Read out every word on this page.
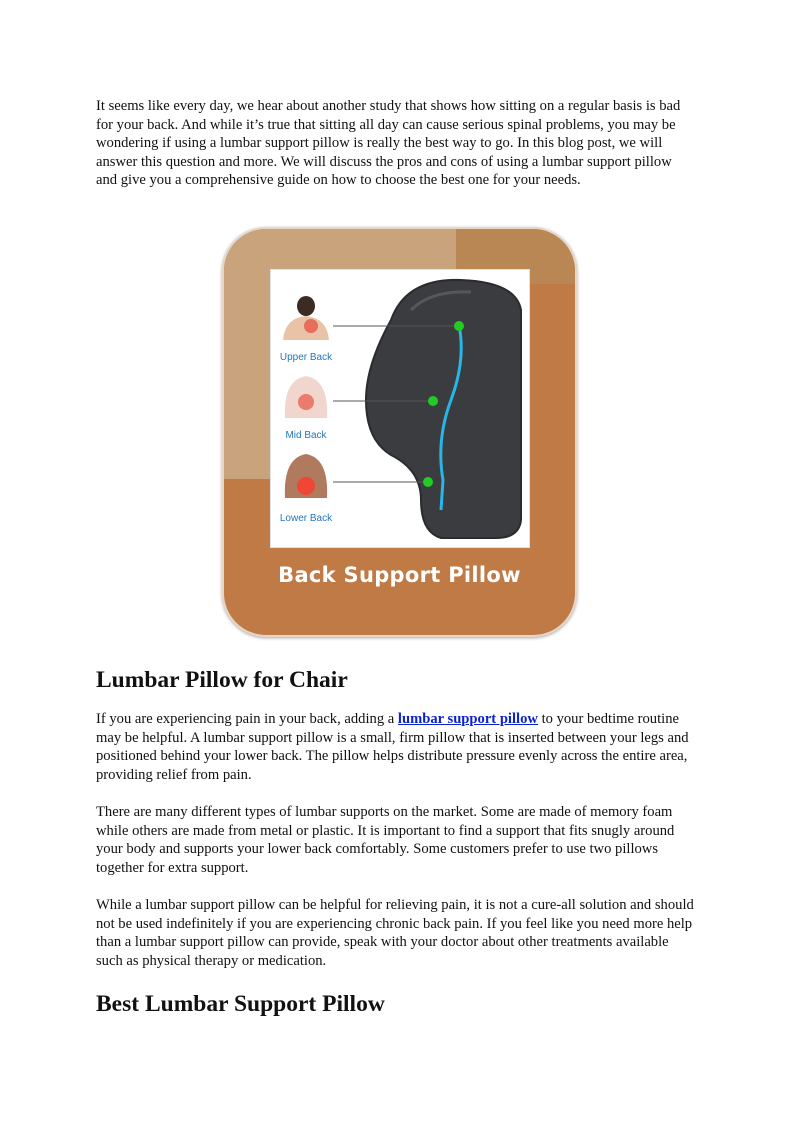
It seems like every day, we hear about another study that shows how sitting on a regular basis is bad for your back. And while it’s true that sitting all day can cause serious spinal problems, you may be wondering if using a lumbar support pillow is really the best way to go. In this blog post, we will answer this question and more. We will discuss the pros and cons of using a lumbar support pillow and give you a comprehensive guide on how to choose the best one for your needs.

Upper Back
Mid Back
Lower Back
Back Support Pillow
Lumbar Pillow for Chair

If you are experiencing pain in your back, adding a lumbar support pillow to your bedtime routine may be helpful. A lumbar support pillow is a small, firm pillow that is inserted between your legs and positioned behind your lower back. The pillow helps distribute pressure evenly across the entire area, providing relief from pain.

There are many different types of lumbar supports on the market. Some are made of memory foam while others are made from metal or plastic. It is important to find a support that fits snugly around your body and supports your lower back comfortably. Some customers prefer to use two pillows together for extra support.

While a lumbar support pillow can be helpful for relieving pain, it is not a cure-all solution and should not be used indefinitely if you are experiencing chronic back pain. If you feel like you need more help than a lumbar support pillow can provide, speak with your doctor about other treatments available such as physical therapy or medication.

Best Lumbar Support Pillow
